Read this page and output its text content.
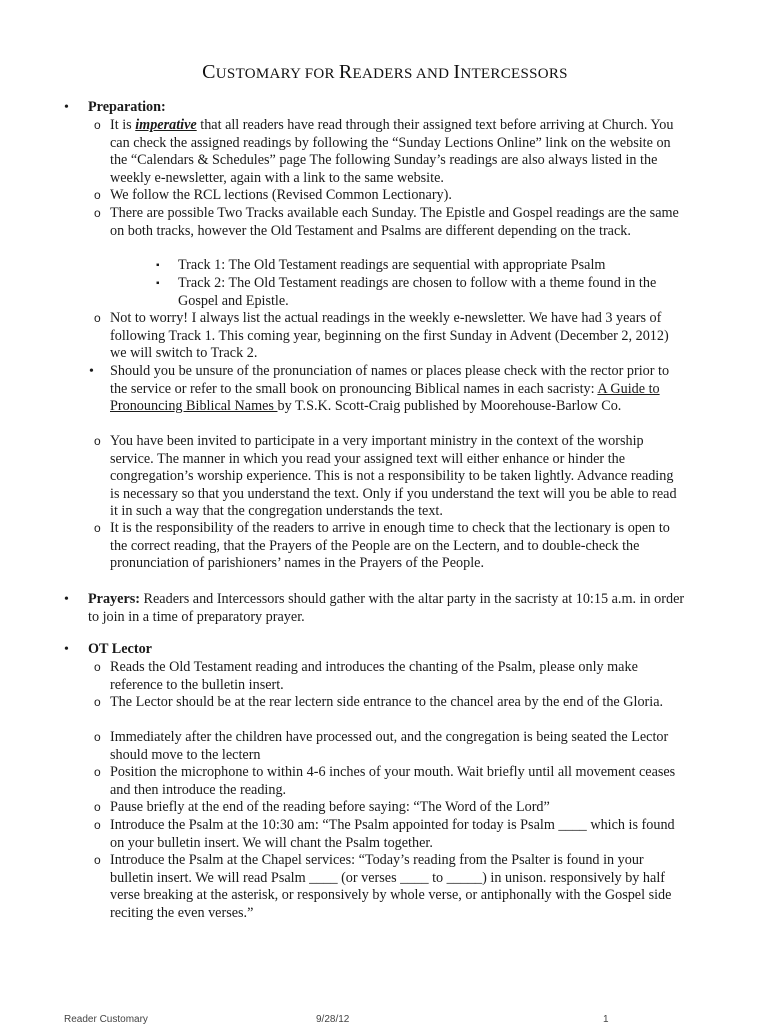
CUSTOMARY FOR READERS AND INTERCESSORS
• Preparation:
o It is imperative that all readers have read through their assigned text before arriving at Church. You can check the assigned readings by following the “Sunday Lections Online” link on the website on the “Calendars & Schedules” page The following Sunday’s readings are also always listed in the weekly e-newsletter, again with a link to the same website.
o We follow the RCL lections (Revised Common Lectionary).
o There are possible Two Tracks available each Sunday. The Epistle and Gospel readings are the same on both tracks, however the Old Testament and Psalms are different depending on the track.
▪ Track 1: The Old Testament readings are sequential with appropriate Psalm
▪ Track 2: The Old Testament readings are chosen to follow with a theme found in the Gospel and Epistle.
o Not to worry! I always list the actual readings in the weekly e-newsletter. We have had 3 years of following Track 1. This coming year, beginning on the first Sunday in Advent (December 2, 2012) we will switch to Track 2.
• Should you be unsure of the pronunciation of names or places please check with the rector prior to the service or refer to the small book on pronouncing Biblical names in each sacristy: A Guide to Pronouncing Biblical Names by T.S.K. Scott-Craig published by Moorehouse-Barlow Co.
o You have been invited to participate in a very important ministry in the context of the worship service. The manner in which you read your assigned text will either enhance or hinder the congregation’s worship experience. This is not a responsibility to be taken lightly. Advance reading is necessary so that you understand the text. Only if you understand the text will you be able to read it in such a way that the congregation understands the text.
o It is the responsibility of the readers to arrive in enough time to check that the lectionary is open to the correct reading, that the Prayers of the People are on the Lectern, and to double-check the pronunciation of parishioners’ names in the Prayers of the People.
• Prayers: Readers and Intercessors should gather with the altar party in the sacristy at 10:15 a.m. in order to join in a time of preparatory prayer.
• OT Lector
o Reads the Old Testament reading and introduces the chanting of the Psalm, please only make reference to the bulletin insert.
o The Lector should be at the rear lectern side entrance to the chancel area by the end of the Gloria.
o Immediately after the children have processed out, and the congregation is being seated the Lector should move to the lectern
o Position the microphone to within 4-6 inches of your mouth. Wait briefly until all movement ceases and then introduce the reading.
o Pause briefly at the end of the reading before saying: “The Word of the Lord”
o Introduce the Psalm at the 10:30 am: “The Psalm appointed for today is Psalm ____ which is found on your bulletin insert. We will chant the Psalm together.
o Introduce the Psalm at the Chapel services: “Today’s reading from the Psalter is found in your bulletin insert. We will read Psalm ____ (or verses ____ to _____) in unison. responsively by half verse breaking at the asterisk, or responsively by whole verse, or antiphonally with the Gospel side reciting the even verses.”
Reader Customary	9/28/12	1
